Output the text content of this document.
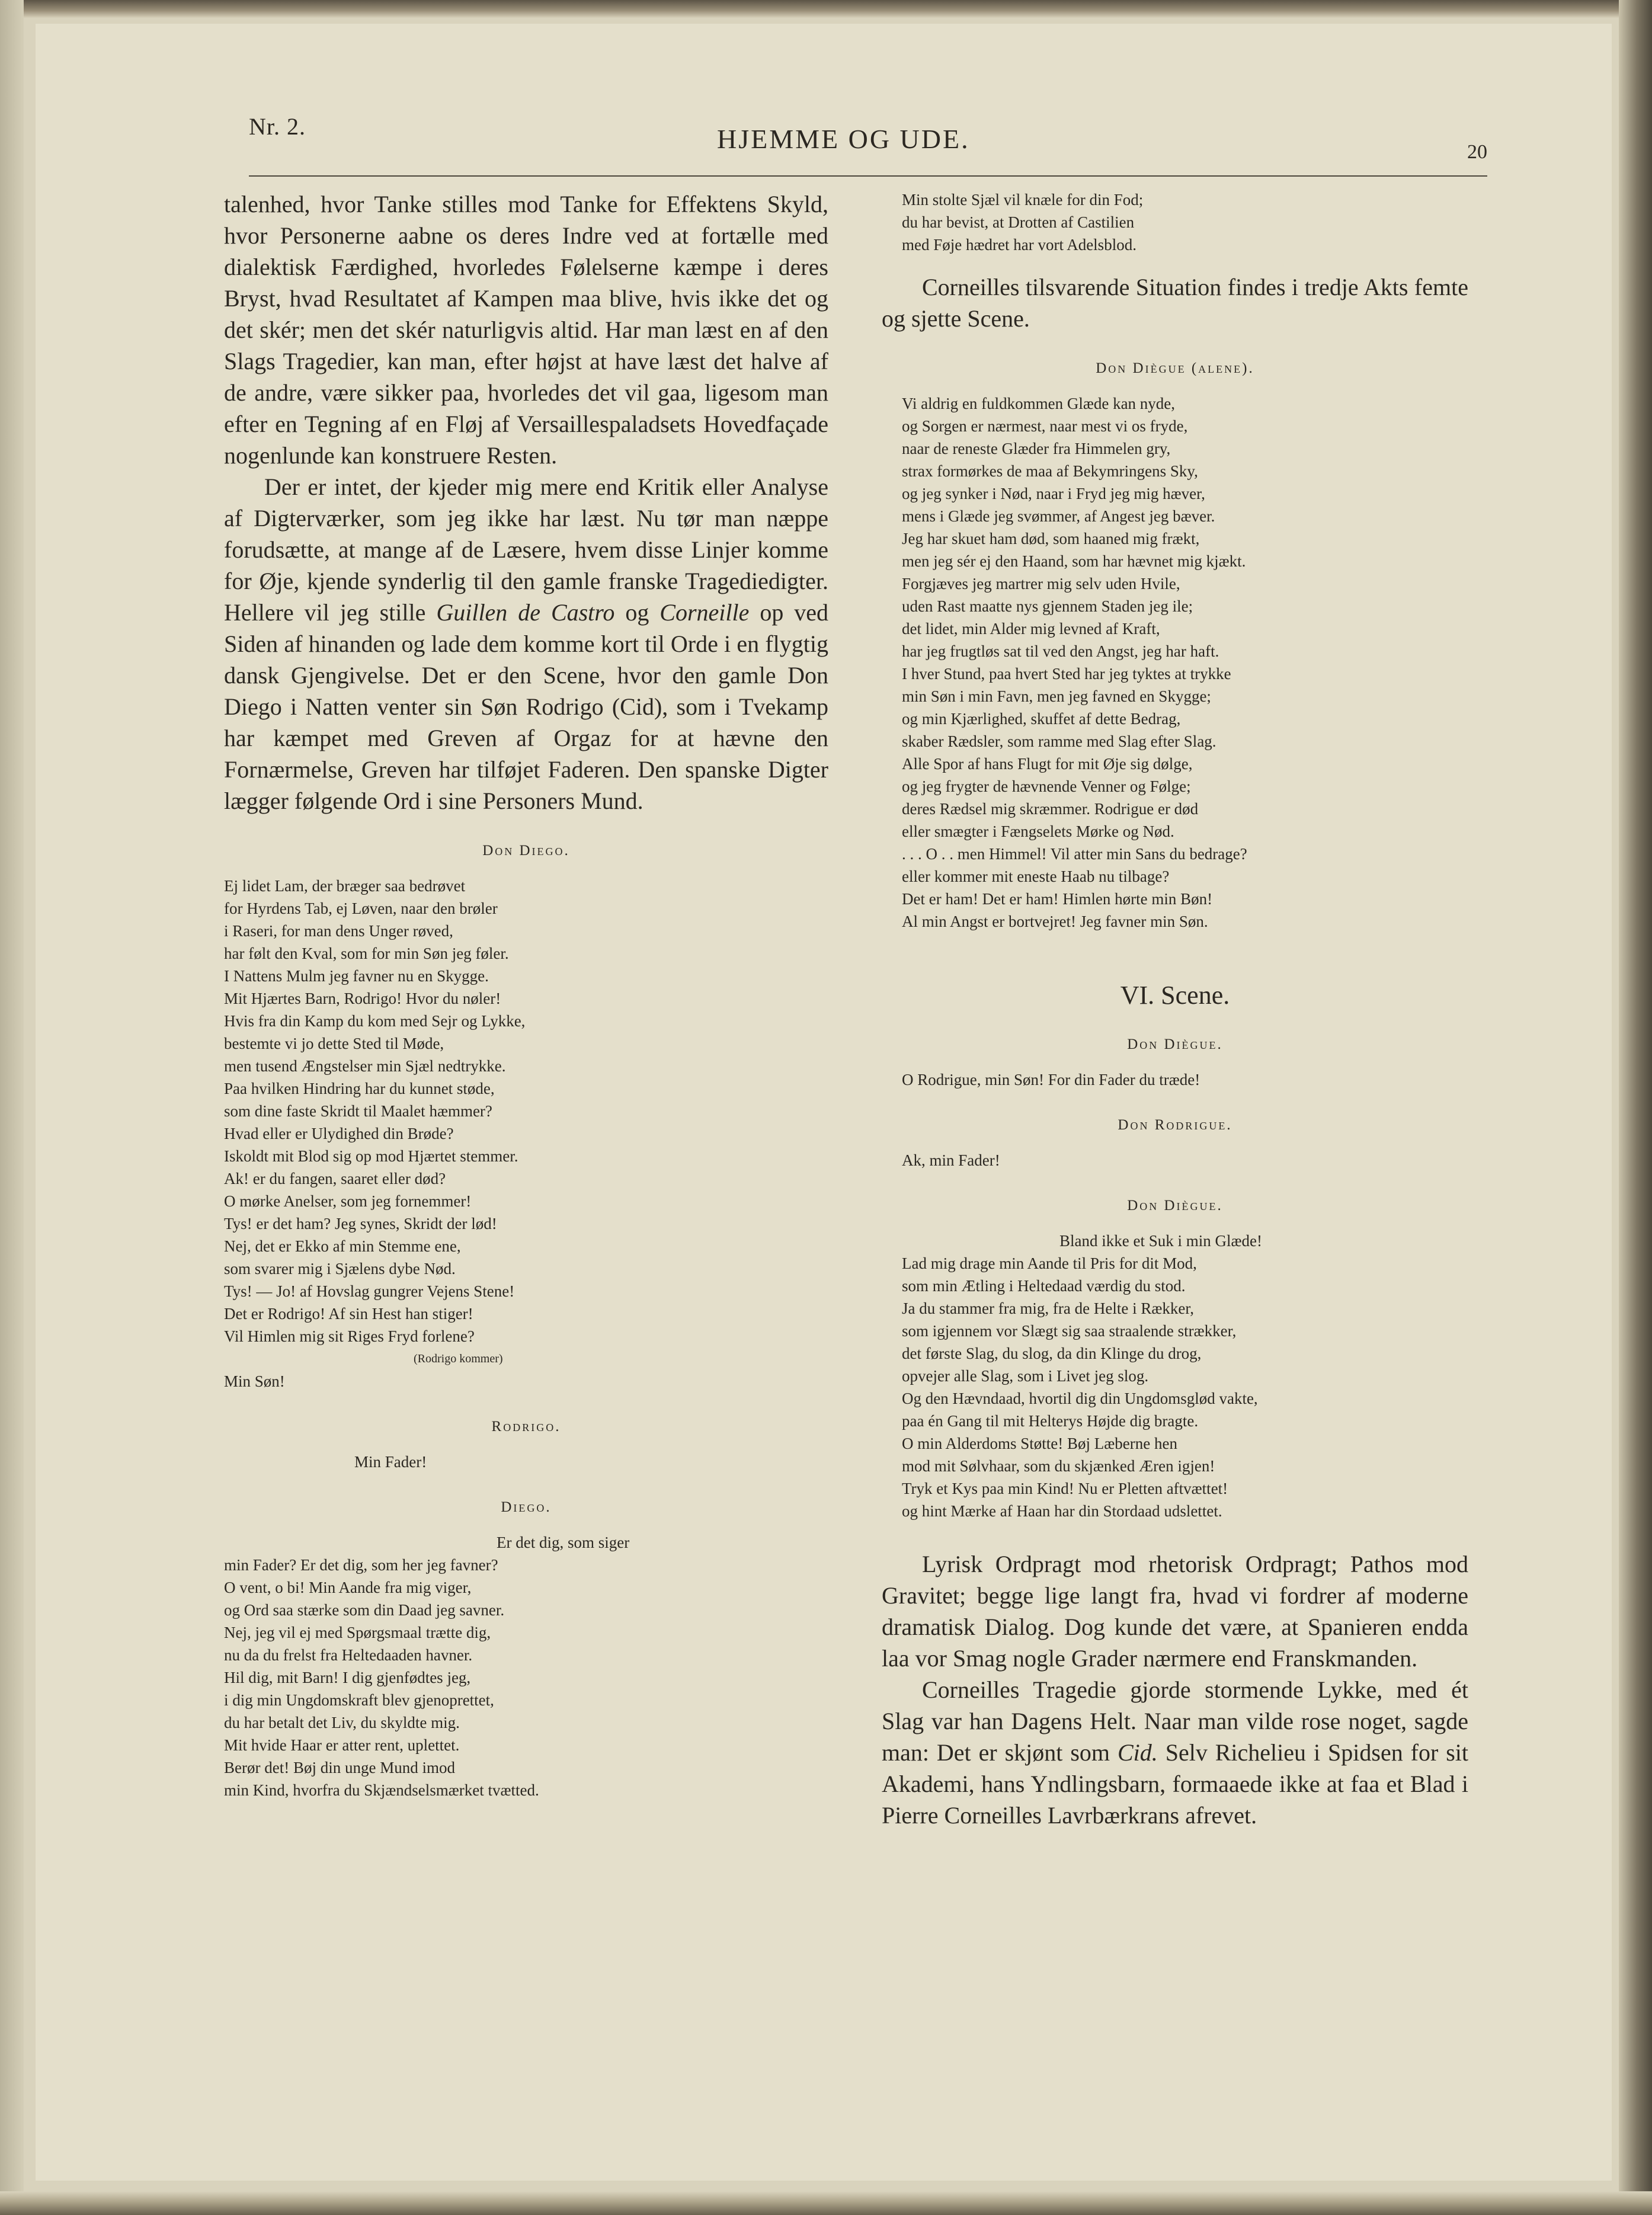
Nr. 2.	HJEMME OG UDE.	20

talenhed, hvor Tanke stilles mod Tanke for Effektens Skyld, hvor Personerne aabne os deres Indre ved at fortælle med dialektisk Færdighed, hvorledes Følelserne kæmpe i deres Bryst, hvad Resultatet af Kampen maa blive, hvis ikke det og det skér; men det skér naturligvis altid. Har man læst en af den Slags Tragedier, kan man, efter højst at have læst det halve af de andre, være sikker paa, hvorledes det vil gaa, ligesom man efter en Tegning af en Fløj af Versaillespaladsets Hovedfaçade nogenlunde kan konstruere Resten.

Der er intet, der kjeder mig mere end Kritik eller Analyse af Digterværker, som jeg ikke har læst. Nu tør man næppe forudsætte, at mange af de Læsere, hvem disse Linjer komme for Øje, kjende synderlig til den gamle franske Tragediedigter. Hellere vil jeg stille Guillen de Castro og Corneille op ved Siden af hinanden og lade dem komme kort til Orde i en flygtig dansk Gjengivelse. Det er den Scene, hvor den gamle Don Diego i Natten venter sin Søn Rodrigo (Cid), som i Tvekamp har kæmpet med Greven af Orgaz for at hævne den Fornærmelse, Greven har tilføjet Faderen. Den spanske Digter lægger følgende Ord i sine Personers Mund.

Don Diego.

Ej lidet Lam, der bræger saa bedrøvet
for Hyrdens Tab, ej Løven, naar den brøler
i Raseri, for man dens Unger røved,
har følt den Kval, som for min Søn jeg føler.
I Nattens Mulm jeg favner nu en Skygge.
Mit Hjærtes Barn, Rodrigo! Hvor du nøler!
Hvis fra din Kamp du kom med Sejr og Lykke,
bestemte vi jo dette Sted til Møde,
men tusend Ængstelser min Sjæl nedtrykke.
Paa hvilken Hindring har du kunnet støde,
som dine faste Skridt til Maalet hæmmer?
Hvad eller er Ulydighed din Brøde?
Iskoldt mit Blod sig op mod Hjærtet stemmer.
Ak! er du fangen, saaret eller død?
O mørke Anelser, som jeg fornemmer!
Tys! er det ham? Jeg synes, Skridt der lød!
Nej, det er Ekko af min Stemme ene,
som svarer mig i Sjælens dybe Nød.
Tys! — Jo! af Hovslag gungrer Vejens Stene!
Det er Rodrigo! Af sin Hest han stiger!
Vil Himlen mig sit Riges Fryd forlene?
(Rodrigo kommer)
Min Søn!

Rodrigo.

Min Fader!

Diego.

Er det dig, som siger
min Fader? Er det dig, som her jeg favner?
O vent, o bi! Min Aande fra mig viger,
og Ord saa stærke som din Daad jeg savner.
Nej, jeg vil ej med Spørgsmaal trætte dig,
nu da du frelst fra Heltedaaden havner.
Hil dig, mit Barn! I dig gjenfødtes jeg,
i dig min Ungdomskraft blev gjenoprettet,
du har betalt det Liv, du skyldte mig.
Mit hvide Haar er atter rent, uplettet.
Berør det! Bøj din unge Mund imod
min Kind, hvorfra du Skjændselsmærket tvætted.
Min stolte Sjæl vil knæle for din Fod;
du har bevist, at Drotten af Castilien
med Føje hædret har vort Adelsblod.

Corneilles tilsvarende Situation findes i tredje Akts femte og sjette Scene.

Don Diègue (alene).

Vi aldrig en fuldkommen Glæde kan nyde,
og Sorgen er nærmest, naar mest vi os fryde,
naar de reneste Glæder fra Himmelen gry,
strax formørkes de maa af Bekymringens Sky,
og jeg synker i Nød, naar i Fryd jeg mig hæver,
mens i Glæde jeg svømmer, af Angest jeg bæver.
Jeg har skuet ham død, som haaned mig frækt,
men jeg sér ej den Haand, som har hævnet mig kjækt.
Forgjæves jeg martrer mig selv uden Hvile,
uden Rast maatte nys gjennem Staden jeg ile;
det lidet, min Alder mig levned af Kraft,
har jeg frugtløs sat til ved den Angst, jeg har haft.
I hver Stund, paa hvert Sted har jeg tyktes at trykke
min Søn i min Favn, men jeg favned en Skygge;
og min Kjærlighed, skuffet af dette Bedrag,
skaber Rædsler, som ramme med Slag efter Slag.
Alle Spor af hans Flugt for mit Øje sig dølge,
og jeg frygter de hævnende Venner og Følge;
deres Rædsel mig skræmmer. Rodrigue er død
eller smægter i Fængselets Mørke og Nød.
. . . O . . men Himmel! Vil atter min Sans du bedrage?
eller kommer mit eneste Haab nu tilbage?
Det er ham! Det er ham! Himlen hørte min Bøn!
Al min Angst er bortvejret! Jeg favner min Søn.

VI. Scene.

Don Diègue.

O Rodrigue, min Søn! For din Fader du træde!

Don Rodrigue.

Ak, min Fader!

Don Diègue.

Bland ikke et Suk i min Glæde!
Lad mig drage min Aande til Pris for dit Mod,
som min Ætling i Heltedaad værdig du stod.
Ja du stammer fra mig, fra de Helte i Rækker,
som igjennem vor Slægt sig saa straalende strækker,
det første Slag, du slog, da din Klinge du drog,
opvejer alle Slag, som i Livet jeg slog.
Og den Hævndaad, hvortil dig din Ungdomsglød vakte,
paa én Gang til mit Helterys Højde dig bragte.
O min Alderdoms Støtte! Bøj Læberne hen
mod mit Sølvhaar, som du skjænked Æren igjen!
Tryk et Kys paa min Kind! Nu er Pletten aftvættet!
og hint Mærke af Haan har din Stordaad udslettet.

Lyrisk Ordpragt mod rhetorisk Ordpragt; Pathos mod Gravitet; begge lige langt fra, hvad vi fordrer af moderne dramatisk Dialog. Dog kunde det være, at Spanieren endda laa vor Smag nogle Grader nærmere end Franskmanden.

Corneilles Tragedie gjorde stormende Lykke, med ét Slag var han Dagens Helt. Naar man vilde rose noget, sagde man: Det er skjønt som Cid. Selv Richelieu i Spidsen for sit Akademi, hans Yndlingsbarn, formaaede ikke at faa et Blad i Pierre Corneilles Lavrbærkrans afrevet.
